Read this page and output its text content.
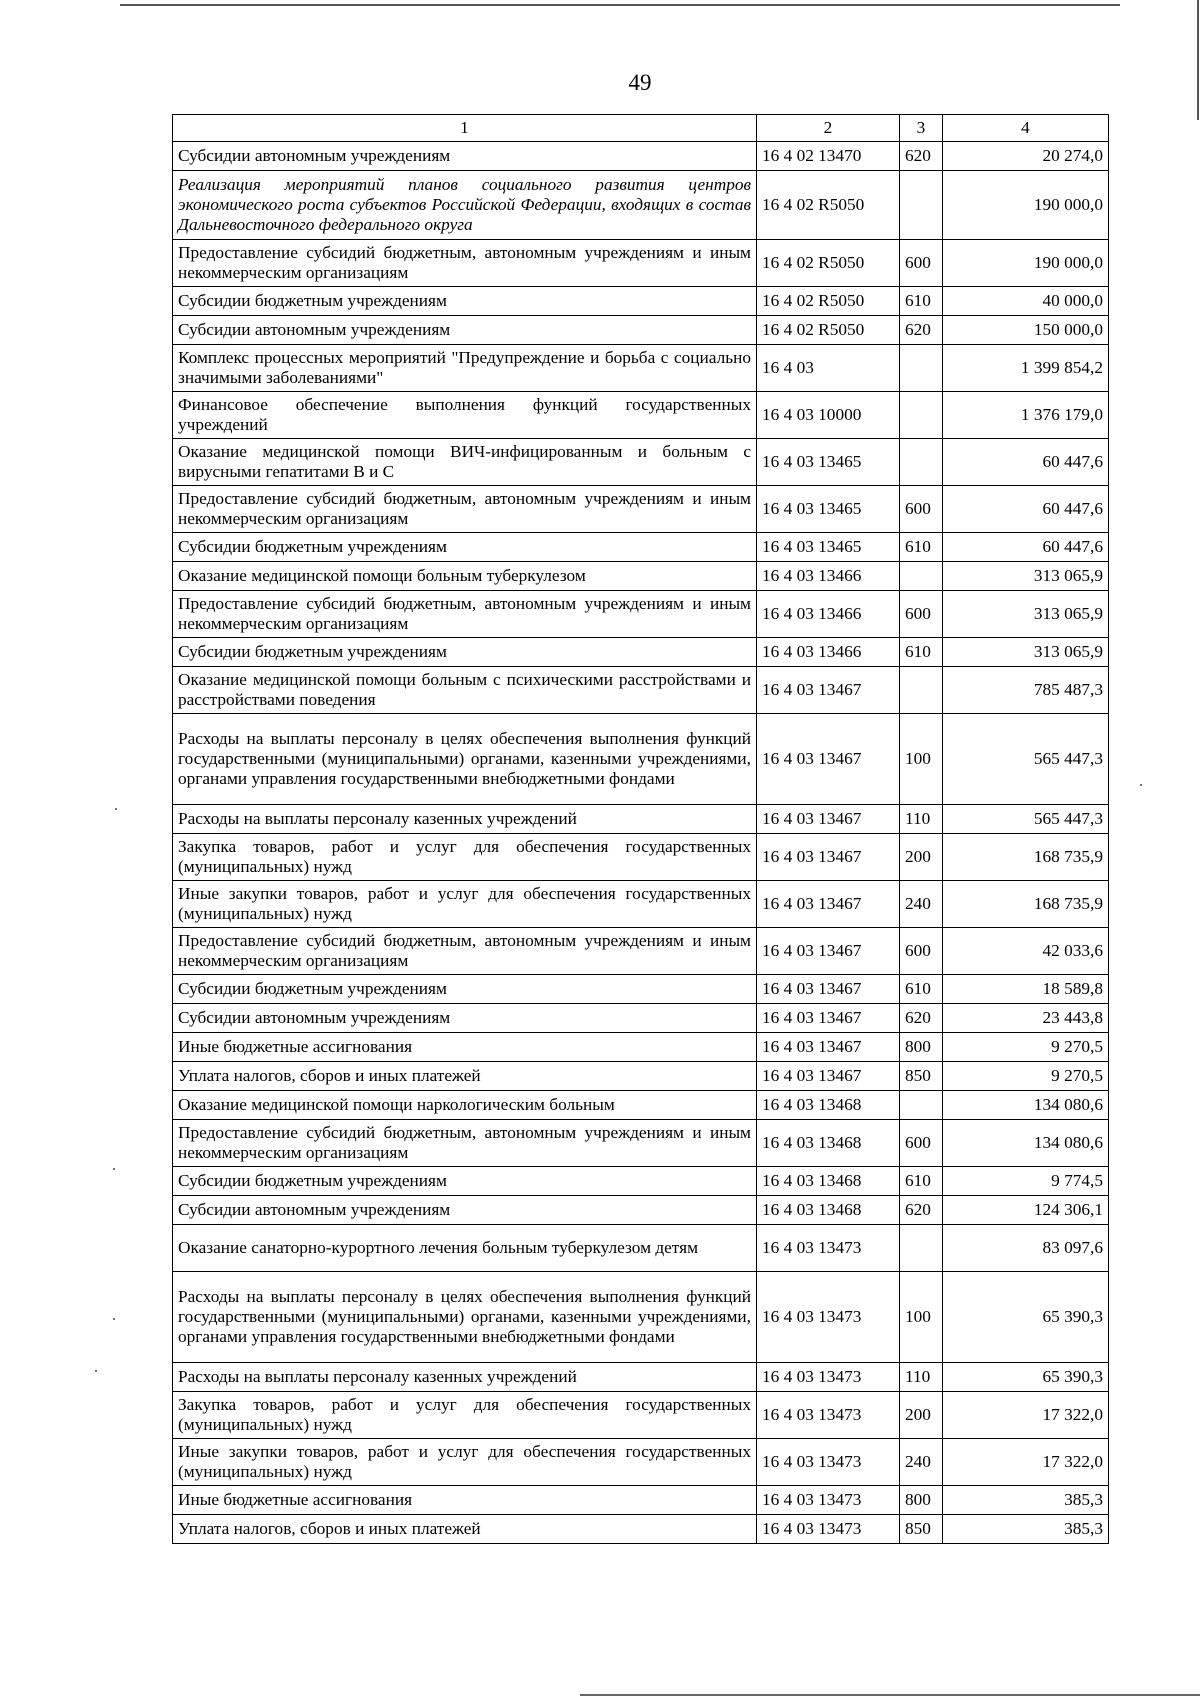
49
1	2	3	4
Субсидии автономным учреждениям	16 4 02 13470	620	20 274,0
Реализация мероприятий планов социального развития центров экономического роста субъектов Российской Федерации, входящих в состав Дальневосточного федерального округа	16 4 02 R5050		190 000,0
Предоставление субсидий бюджетным, автономным учреждениям и иным некоммерческим организациям	16 4 02 R5050	600	190 000,0
Субсидии бюджетным учреждениям	16 4 02 R5050	610	40 000,0
Субсидии автономным учреждениям	16 4 02 R5050	620	150 000,0
Комплекс процессных мероприятий "Предупреждение и борьба с социально значимыми заболеваниями"	16 4 03		1 399 854,2
Финансовое обеспечение выполнения функций государственных учреждений	16 4 03 10000		1 376 179,0
Оказание медицинской помощи ВИЧ-инфицированным и больным с вирусными гепатитами В и С	16 4 03 13465		60 447,6
Предоставление субсидий бюджетным, автономным учреждениям и иным некоммерческим организациям	16 4 03 13465	600	60 447,6
Субсидии бюджетным учреждениям	16 4 03 13465	610	60 447,6
Оказание медицинской помощи больным туберкулезом	16 4 03 13466		313 065,9
Предоставление субсидий бюджетным, автономным учреждениям и иным некоммерческим организациям	16 4 03 13466	600	313 065,9
Субсидии бюджетным учреждениям	16 4 03 13466	610	313 065,9
Оказание медицинской помощи больным с психическими расстройствами и расстройствами поведения	16 4 03 13467		785 487,3
Расходы на выплаты персоналу в целях обеспечения выполнения функций государственными (муниципальными) органами, казенными учреждениями, органами управления государственными внебюджетными фондами	16 4 03 13467	100	565 447,3
Расходы на выплаты персоналу казенных учреждений	16 4 03 13467	110	565 447,3
Закупка товаров, работ и услуг для обеспечения государственных (муниципальных) нужд	16 4 03 13467	200	168 735,9
Иные закупки товаров, работ и услуг для обеспечения государственных (муниципальных) нужд	16 4 03 13467	240	168 735,9
Предоставление субсидий бюджетным, автономным учреждениям и иным некоммерческим организациям	16 4 03 13467	600	42 033,6
Субсидии бюджетным учреждениям	16 4 03 13467	610	18 589,8
Субсидии автономным учреждениям	16 4 03 13467	620	23 443,8
Иные бюджетные ассигнования	16 4 03 13467	800	9 270,5
Уплата налогов, сборов и иных платежей	16 4 03 13467	850	9 270,5
Оказание медицинской помощи наркологическим больным	16 4 03 13468		134 080,6
Предоставление субсидий бюджетным, автономным учреждениям и иным некоммерческим организациям	16 4 03 13468	600	134 080,6
Субсидии бюджетным учреждениям	16 4 03 13468	610	9 774,5
Субсидии автономным учреждениям	16 4 03 13468	620	124 306,1
Оказание санаторно-курортного лечения больным туберкулезом детям	16 4 03 13473		83 097,6
Расходы на выплаты персоналу в целях обеспечения выполнения функций государственными (муниципальными) органами, казенными учреждениями, органами управления государственными внебюджетными фондами	16 4 03 13473	100	65 390,3
Расходы на выплаты персоналу казенных учреждений	16 4 03 13473	110	65 390,3
Закупка товаров, работ и услуг для обеспечения государственных (муниципальных) нужд	16 4 03 13473	200	17 322,0
Иные закупки товаров, работ и услуг для обеспечения государственных (муниципальных) нужд	16 4 03 13473	240	17 322,0
Иные бюджетные ассигнования	16 4 03 13473	800	385,3
Уплата налогов, сборов и иных платежей	16 4 03 13473	850	385,3
